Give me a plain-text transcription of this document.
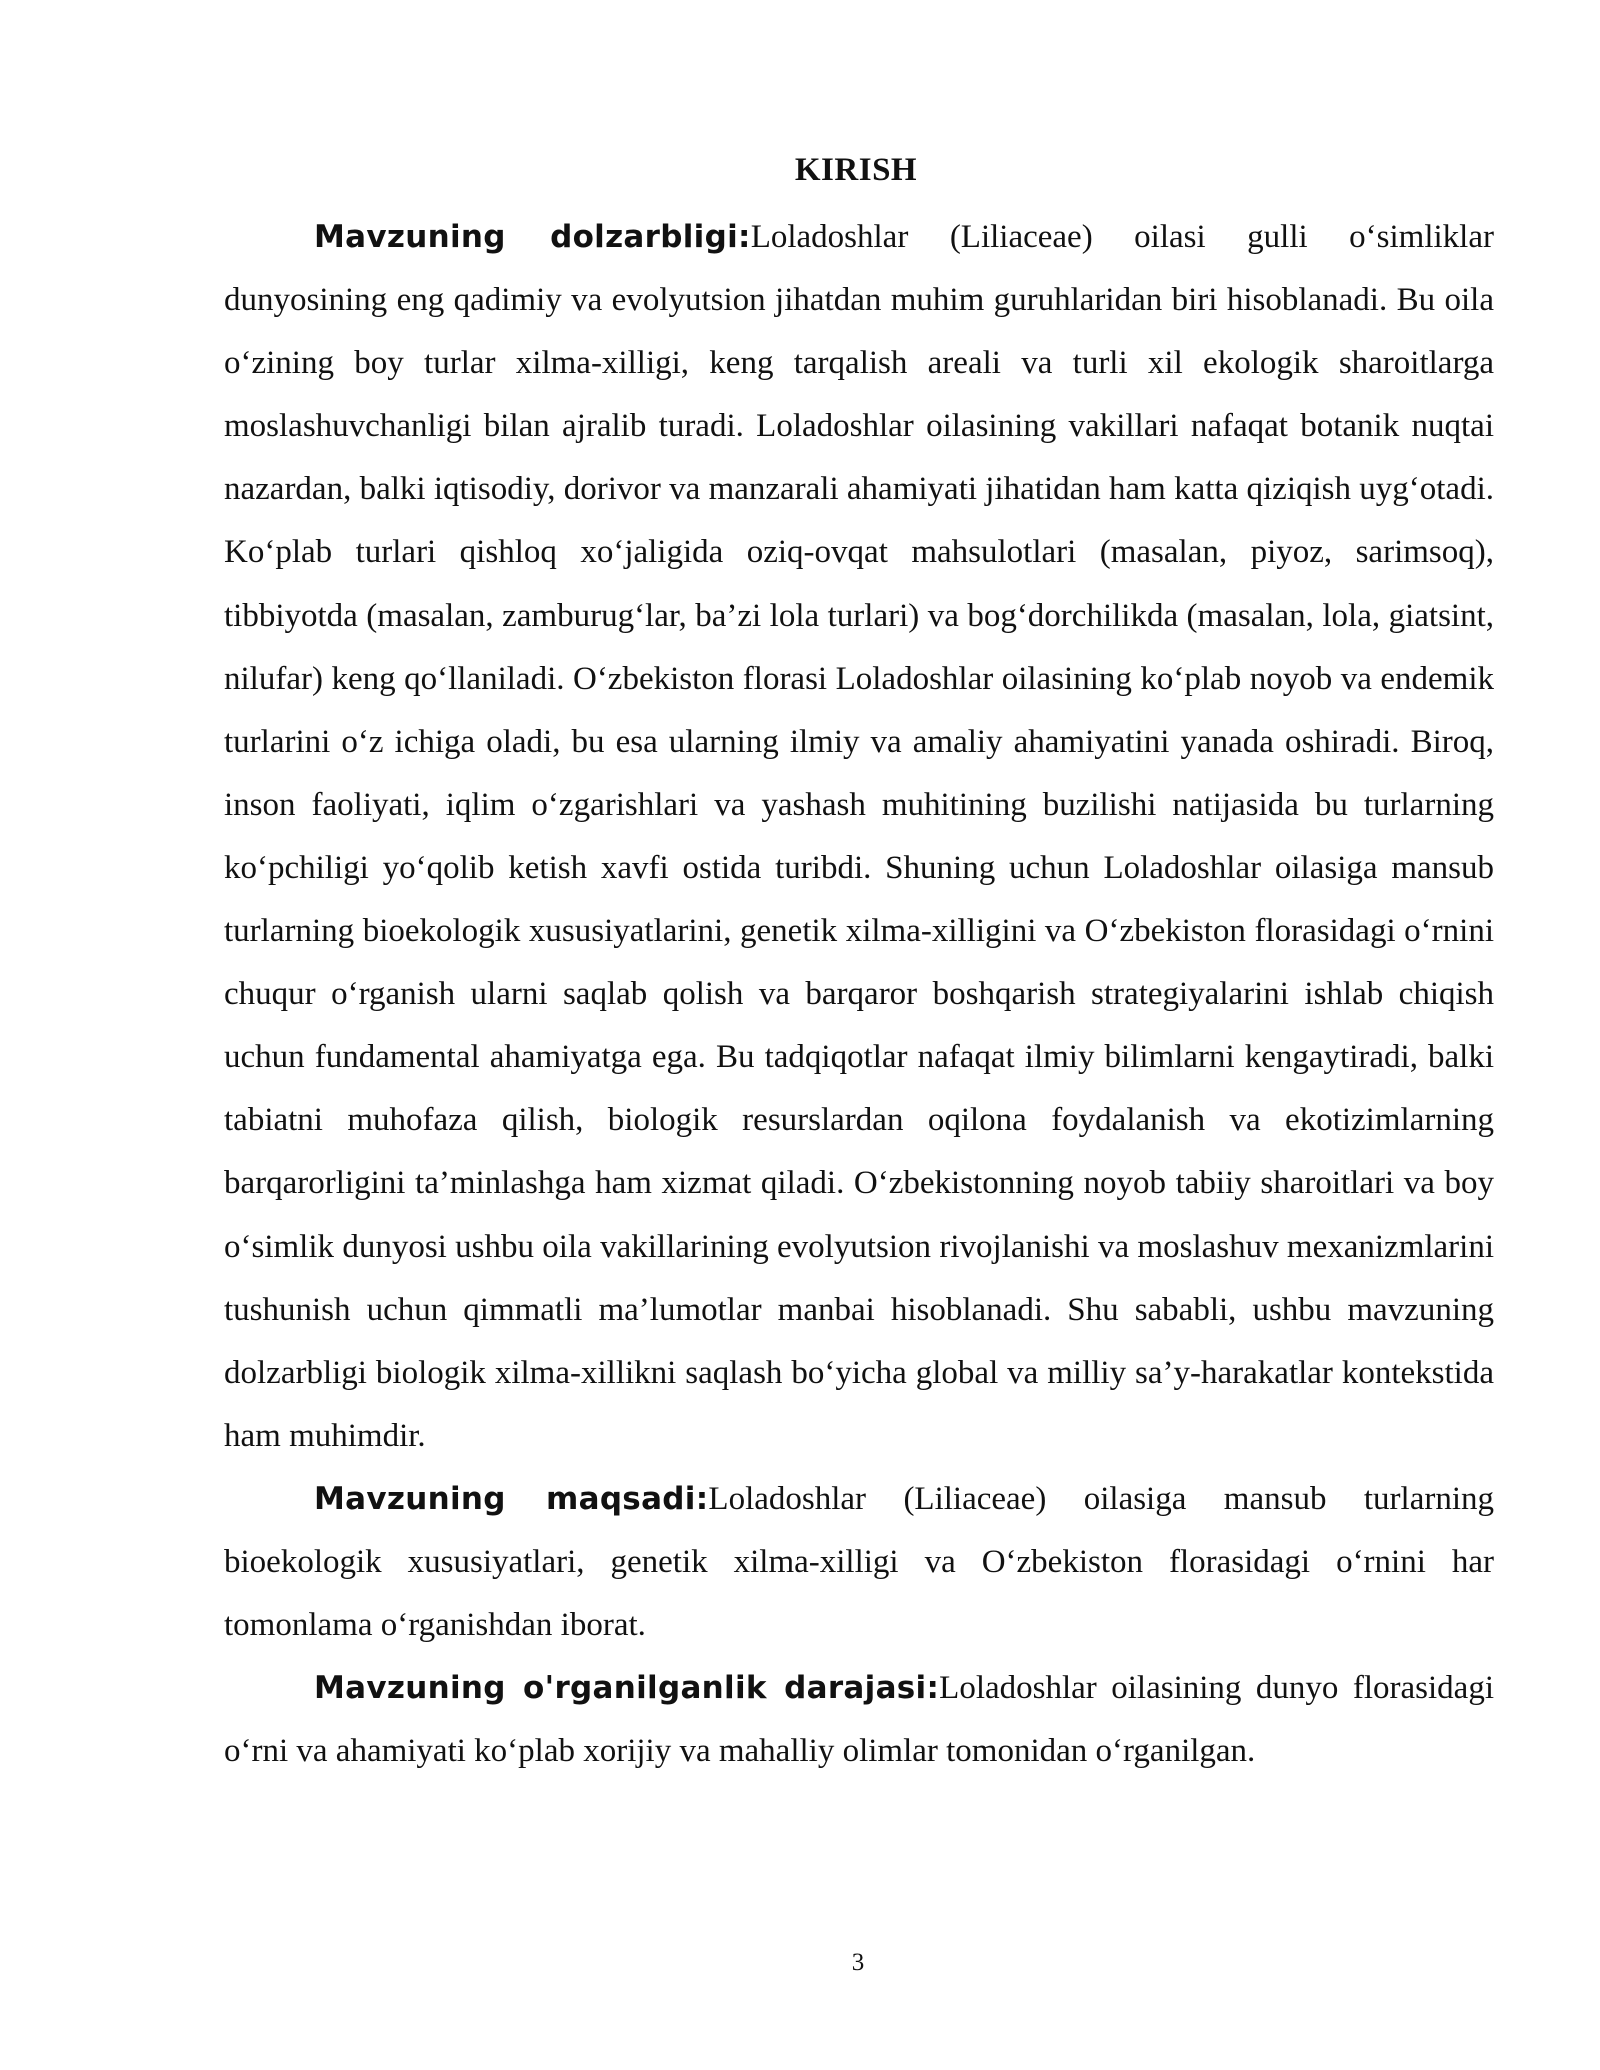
KIRISH

Mavzuning dolzarbligi:Loladoshlar (Liliaceae) oilasi gulli o‘simliklar dunyosining eng qadimiy va evolyutsion jihatdan muhim guruhlaridan biri hisoblanadi. Bu oila o‘zining boy turlar xilma-xilligi, keng tarqalish areali va turli xil ekologik sharoitlarga moslashuvchanligi bilan ajralib turadi. Loladoshlar oilasining vakillari nafaqat botanik nuqtai nazardan, balki iqtisodiy, dorivor va manzarali ahamiyati jihatidan ham katta qiziqish uyg‘otadi. Ko‘plab turlari qishloq xo‘jaligida oziq-ovqat mahsulotlari (masalan, piyoz, sarimsoq), tibbiyotda (masalan, zamburug‘lar, ba’zi lola turlari) va bog‘dorchilikda (masalan, lola, giatsint, nilufar) keng qo‘llaniladi. O‘zbekiston florasi Loladoshlar oilasining ko‘plab noyob va endemik turlarini o‘z ichiga oladi, bu esa ularning ilmiy va amaliy ahamiyatini yanada oshiradi. Biroq, inson faoliyati, iqlim o‘zgarishlari va yashash muhitining buzilishi natijasida bu turlarning ko‘pchiligi yo‘qolib ketish xavfi ostida turibdi. Shuning uchun Loladoshlar oilasiga mansub turlarning bioekologik xususiyatlarini, genetik xilma-xilligini va O‘zbekiston florasidagi o‘rnini chuqur o‘rganish ularni saqlab qolish va barqaror boshqarish strategiyalarini ishlab chiqish uchun fundamental ahamiyatga ega. Bu tadqiqotlar nafaqat ilmiy bilimlarni kengaytiradi, balki tabiatni muhofaza qilish, biologik resurslardan oqilona foydalanish va ekotizimlarning barqarorligini ta’minlashga ham xizmat qiladi. O‘zbekistonning noyob tabiiy sharoitlari va boy o‘simlik dunyosi ushbu oila vakillarining evolyutsion rivojlanishi va moslashuv mexanizmlarini tushunish uchun qimmatli ma’lumotlar manbai hisoblanadi. Shu sababli, ushbu mavzuning dolzarbligi biologik xilma-xillikni saqlash bo‘yicha global va milliy sa’y-harakatlar kontekstida ham muhimdir.

Mavzuning maqsadi:Loladoshlar (Liliaceae) oilasiga mansub turlarning bioekologik xususiyatlari, genetik xilma-xilligi va O‘zbekiston florasidagi o‘rnini har tomonlama o‘rganishdan iborat.

Mavzuning o'rganilganlik darajasi:Loladoshlar oilasining dunyo florasidagi o‘rni va ahamiyati ko‘plab xorijiy va mahalliy olimlar tomonidan o‘rganilgan.

3
